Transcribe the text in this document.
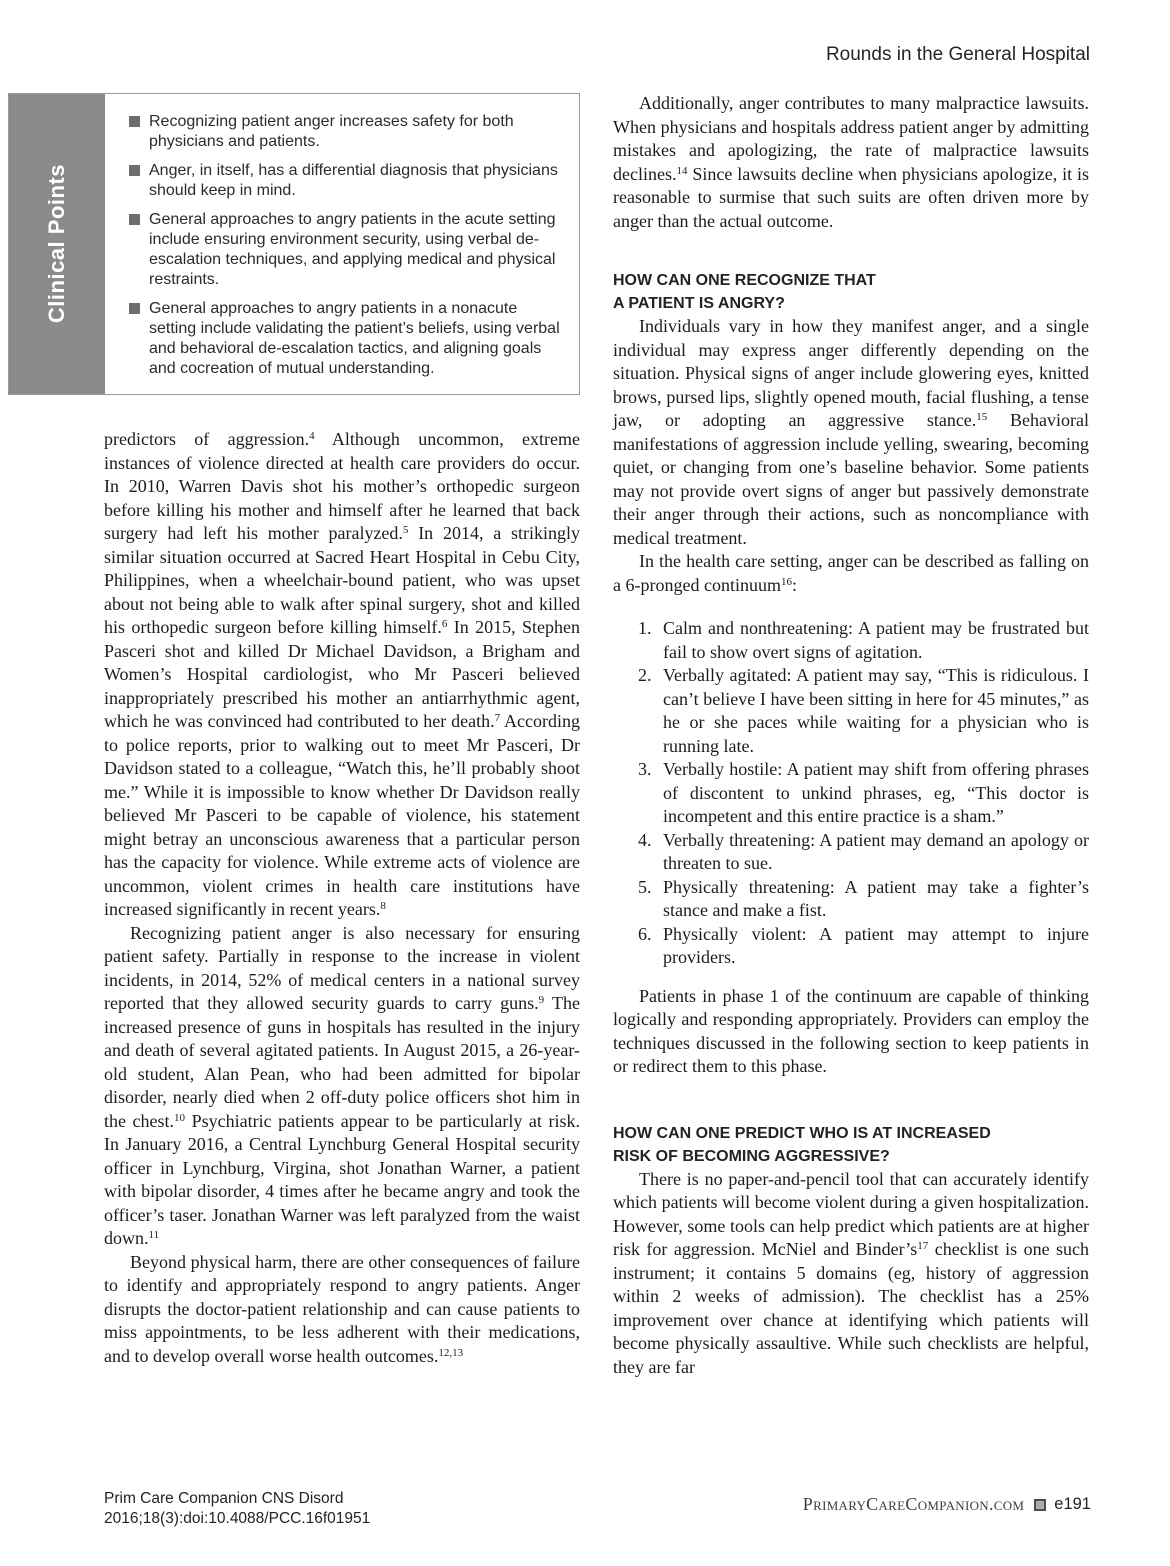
Rounds in the General Hospital
Clinical Points
Recognizing patient anger increases safety for both physicians and patients.
Anger, in itself, has a differential diagnosis that physicians should keep in mind.
General approaches to angry patients in the acute setting include ensuring environment security, using verbal de-escalation techniques, and applying medical and physical restraints.
General approaches to angry patients in a nonacute setting include validating the patient’s beliefs, using verbal and behavioral de-escalation tactics, and aligning goals and cocreation of mutual understanding.

predictors of aggression.$^4$ Although uncommon, extreme instances of violence directed at health care providers do occur. In 2010, Warren Davis shot his mother’s orthopedic surgeon before killing his mother and himself after he learned that back surgery had left his mother paralyzed.$^5$ In 2014, a strikingly similar situation occurred at Sacred Heart Hospital in Cebu City, Philippines, when a wheelchair-bound patient, who was upset about not being able to walk after spinal surgery, shot and killed his orthopedic surgeon before killing himself.$^6$ In 2015, Stephen Pasceri shot and killed Dr Michael Davidson, a Brigham and Women’s Hospital cardiologist, who Mr Pasceri believed inappropriately prescribed his mother an antiarrhythmic agent, which he was convinced had contributed to her death.$^7$ According to police reports, prior to walking out to meet Mr Pasceri, Dr Davidson stated to a colleague, “Watch this, he’ll probably shoot me.” While it is impossible to know whether Dr Davidson really believed Mr Pasceri to be capable of violence, his statement might betray an unconscious awareness that a particular person has the capacity for violence. While extreme acts of violence are uncommon, violent crimes in health care institutions have increased significantly in recent years.$^8$

Recognizing patient anger is also necessary for ensuring patient safety. Partially in response to the increase in violent incidents, in 2014, 52% of medical centers in a national survey reported that they allowed security guards to carry guns.$^9$ The increased presence of guns in hospitals has resulted in the injury and death of several agitated patients. In August 2015, a 26-year-old student, Alan Pean, who had been admitted for bipolar disorder, nearly died when 2 off-duty police officers shot him in the chest.$^{10}$ Psychiatric patients appear to be particularly at risk. In January 2016, a Central Lynchburg General Hospital security officer in Lynchburg, Virgina, shot Jonathan Warner, a patient with bipolar disorder, 4 times after he became angry and took the officer’s taser. Jonathan Warner was left paralyzed from the waist down.$^{11}$

Beyond physical harm, there are other consequences of failure to identify and appropriately respond to angry patients. Anger disrupts the doctor-patient relationship and can cause patients to miss appointments, to be less adherent with their medications, and to develop overall worse health outcomes.$^{12,13}$

Additionally, anger contributes to many malpractice lawsuits. When physicians and hospitals address patient anger by admitting mistakes and apologizing, the rate of malpractice lawsuits declines.$^{14}$ Since lawsuits decline when physicians apologize, it is reasonable to surmise that such suits are often driven more by anger than the actual outcome.

HOW CAN ONE RECOGNIZE THAT
A PATIENT IS ANGRY?

Individuals vary in how they manifest anger, and a single individual may express anger differently depending on the situation. Physical signs of anger include glowering eyes, knitted brows, pursed lips, slightly opened mouth, facial flushing, a tense jaw, or adopting an aggressive stance.$^{15}$ Behavioral manifestations of aggression include yelling, swearing, becoming quiet, or changing from one’s baseline behavior. Some patients may not provide overt signs of anger but passively demonstrate their anger through their actions, such as noncompliance with medical treatment.

In the health care setting, anger can be described as falling on a 6-pronged continuum$^{16}$:

1. Calm and nonthreatening: A patient may be frustrated but fail to show overt signs of agitation.
2. Verbally agitated: A patient may say, “This is ridiculous. I can’t believe I have been sitting in here for 45 minutes,” as he or she paces while waiting for a physician who is running late.
3. Verbally hostile: A patient may shift from offering phrases of discontent to unkind phrases, eg, “This doctor is incompetent and this entire practice is a sham.”
4. Verbally threatening: A patient may demand an apology or threaten to sue.
5. Physically threatening: A patient may take a fighter’s stance and make a fist.
6. Physically violent: A patient may attempt to injure providers.

Patients in phase 1 of the continuum are capable of thinking logically and responding appropriately. Providers can employ the techniques discussed in the following section to keep patients in or redirect them to this phase.

HOW CAN ONE PREDICT WHO IS AT INCREASED
RISK OF BECOMING AGGRESSIVE?

There is no paper-and-pencil tool that can accurately identify which patients will become violent during a given hospitalization. However, some tools can help predict which patients are at higher risk for aggression. McNiel and $Binder’s^{17}$ checklist is one such instrument; it contains 5 domains (eg, history of aggression within 2 weeks of admission). The checklist has a 25% improvement over chance at identifying which patients will become physically assaultive. While such checklists are helpful, they are far

Prim Care Companion CNS Disord
2016;18(3):doi:10.4088/PCC.16f01951
PrimaryCareCompanion.com e191
